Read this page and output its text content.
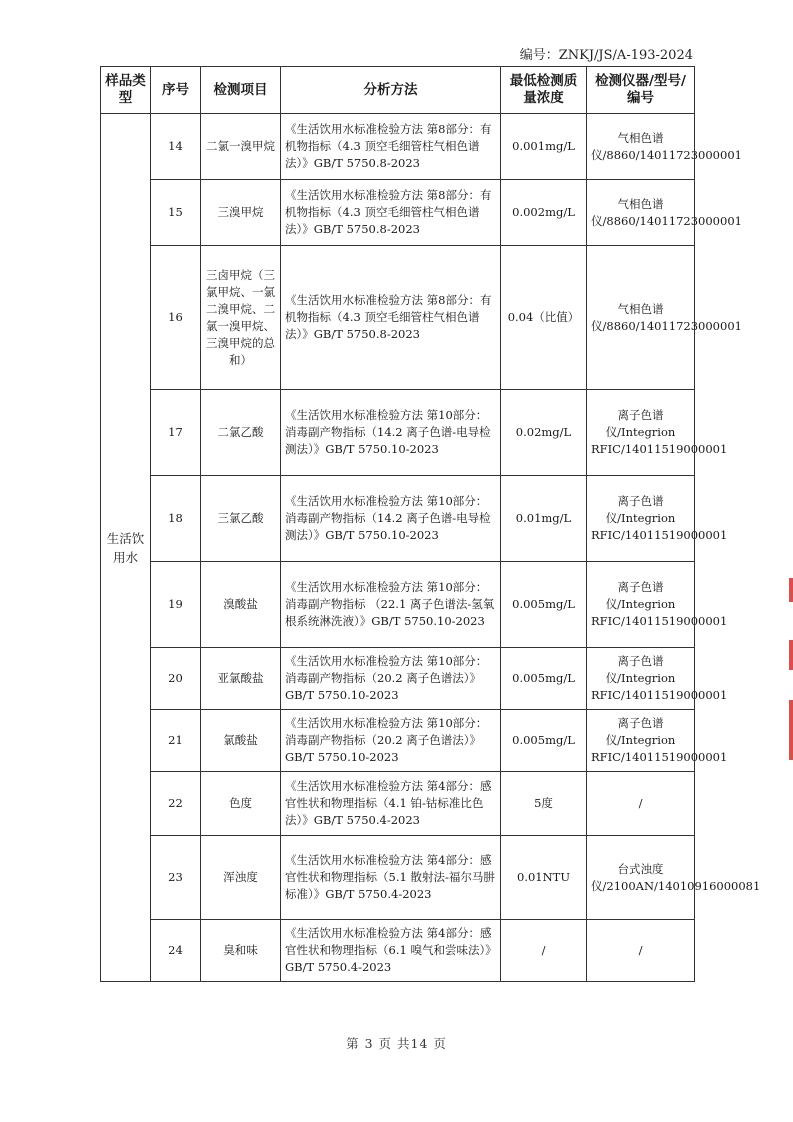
编号：ZNKJ/JS/A-193-2024
样品类型	序号	检测项目	分析方法	最低检测质量浓度	检测仪器/型号/编号
生活饮用水	14	二氯一溴甲烷	《生活饮用水标准检验方法 第8部分：有机物指标（4.3 顶空毛细管柱气相色谱法）》GB/T 5750.8-2023	0.001mg/L	气相色谱仪/8860/14011723000001
	15	三溴甲烷	《生活饮用水标准检验方法 第8部分：有机物指标（4.3 顶空毛细管柱气相色谱法）》GB/T 5750.8-2023	0.002mg/L	气相色谱仪/8860/14011723000001
	16	三卤甲烷（三氯甲烷、一氯二溴甲烷、二氯一溴甲烷、三溴甲烷的总和）	《生活饮用水标准检验方法 第8部分：有机物指标（4.3 顶空毛细管柱气相色谱法）》GB/T 5750.8-2023	0.04（比值）	气相色谱仪/8860/14011723000001
	17	二氯乙酸	《生活饮用水标准检验方法 第10部分：消毒副产物指标（14.2 离子色谱-电导检测法）》GB/T 5750.10-2023	0.02mg/L	离子色谱仪/Integrion RFIC/14011519000001
	18	三氯乙酸	《生活饮用水标准检验方法 第10部分：消毒副产物指标（14.2 离子色谱-电导检测法）》GB/T 5750.10-2023	0.01mg/L	离子色谱仪/Integrion RFIC/14011519000001
	19	溴酸盐	《生活饮用水标准检验方法 第10部分：消毒副产物指标 （22.1 离子色谱法-氢氧根系统淋洗液）》GB/T 5750.10-2023	0.005mg/L	离子色谱仪/Integrion RFIC/14011519000001
	20	亚氯酸盐	《生活饮用水标准检验方法 第10部分：消毒副产物指标（20.2 离子色谱法）》GB/T 5750.10-2023	0.005mg/L	离子色谱仪/Integrion RFIC/14011519000001
	21	氯酸盐	《生活饮用水标准检验方法 第10部分：消毒副产物指标（20.2 离子色谱法）》GB/T 5750.10-2023	0.005mg/L	离子色谱仪/Integrion RFIC/14011519000001
	22	色度	《生活饮用水标准检验方法 第4部分：感官性状和物理指标（4.1 铂-钴标准比色法）》GB/T 5750.4-2023	5度	/
	23	浑浊度	《生活饮用水标准检验方法 第4部分：感官性状和物理指标（5.1 散射法-福尔马肼标准）》GB/T 5750.4-2023	0.01NTU	台式浊度仪/2100AN/14010916000081
	24	臭和味	《生活饮用水标准检验方法 第4部分：感官性状和物理指标（6.1 嗅气和尝味法）》GB/T 5750.4-2023	/	/
第 3 页 共14 页
